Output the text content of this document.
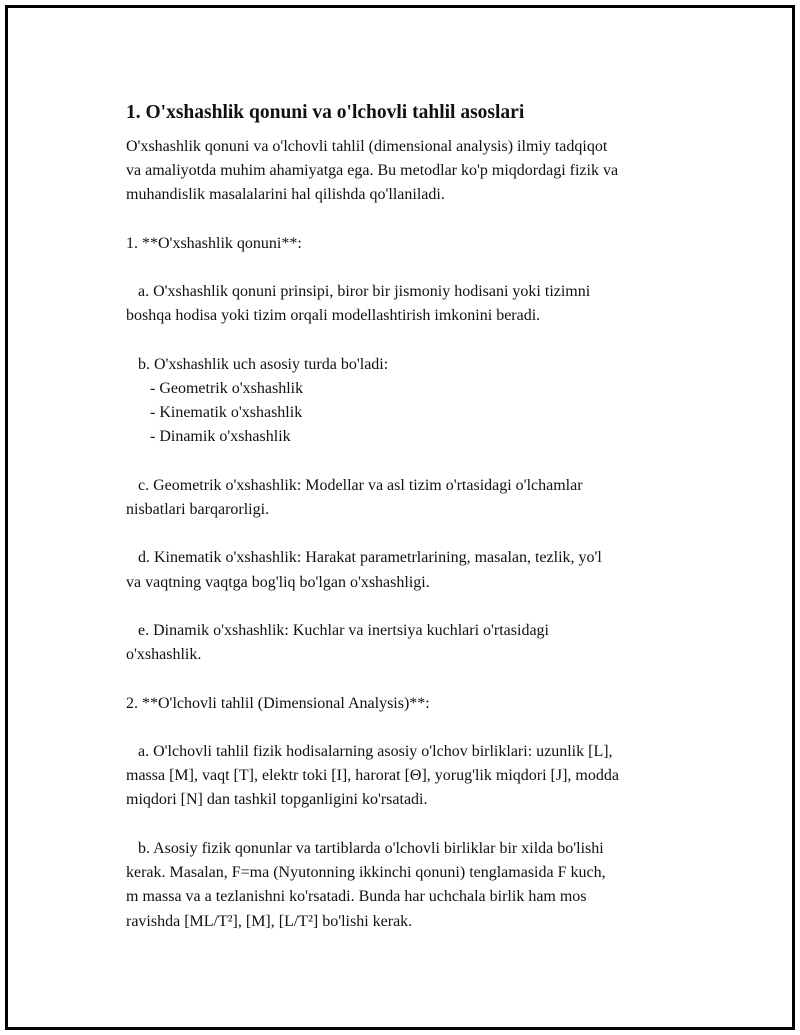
1. O'xshashlik qonuni va o'lchovli tahlil asoslari
O'xshashlik qonuni va o'lchovli tahlil (dimensional analysis) ilmiy tadqiqot
va amaliyotda muhim ahamiyatga ega. Bu metodlar ko'p miqdordagi fizik va
muhandislik masalalarini hal qilishda qo'llaniladi.

1. **O'xshashlik qonuni**:

a. O'xshashlik qonuni prinsipi, biror bir jismoniy hodisani yoki tizimni
boshqa hodisa yoki tizim orqali modellashtirish imkonini beradi.

b. O'xshashlik uch asosiy turda bo'ladi:
- Geometrik o'xshashlik
- Kinematik o'xshashlik
- Dinamik o'xshashlik

c. Geometrik o'xshashlik: Modellar va asl tizim o'rtasidagi o'lchamlar
nisbatlari barqarorligi.

d. Kinematik o'xshashlik: Harakat parametrlarining, masalan, tezlik, yo'l
va vaqtning vaqtga bog'liq bo'lgan o'xshashligi.

e. Dinamik o'xshashlik: Kuchlar va inertsiya kuchlari o'rtasidagi
o'xshashlik.

2. **O'lchovli tahlil (Dimensional Analysis)**:

a. O'lchovli tahlil fizik hodisalarning asosiy o'lchov birliklari: uzunlik [L],
massa [M], vaqt [T], elektr toki [I], harorat [Θ], yorug'lik miqdori [J], modda
miqdori [N] dan tashkil topganligini ko'rsatadi.

b. Asosiy fizik qonunlar va tartiblarda o'lchovli birliklar bir xilda bo'lishi
kerak. Masalan, F=ma (Nyutonning ikkinchi qonuni) tenglamasida F kuch,
m massa va a tezlanishni ko'rsatadi. Bunda har uchchala birlik ham mos
ravishda [ML/T²], [M], [L/T²] bo'lishi kerak.
